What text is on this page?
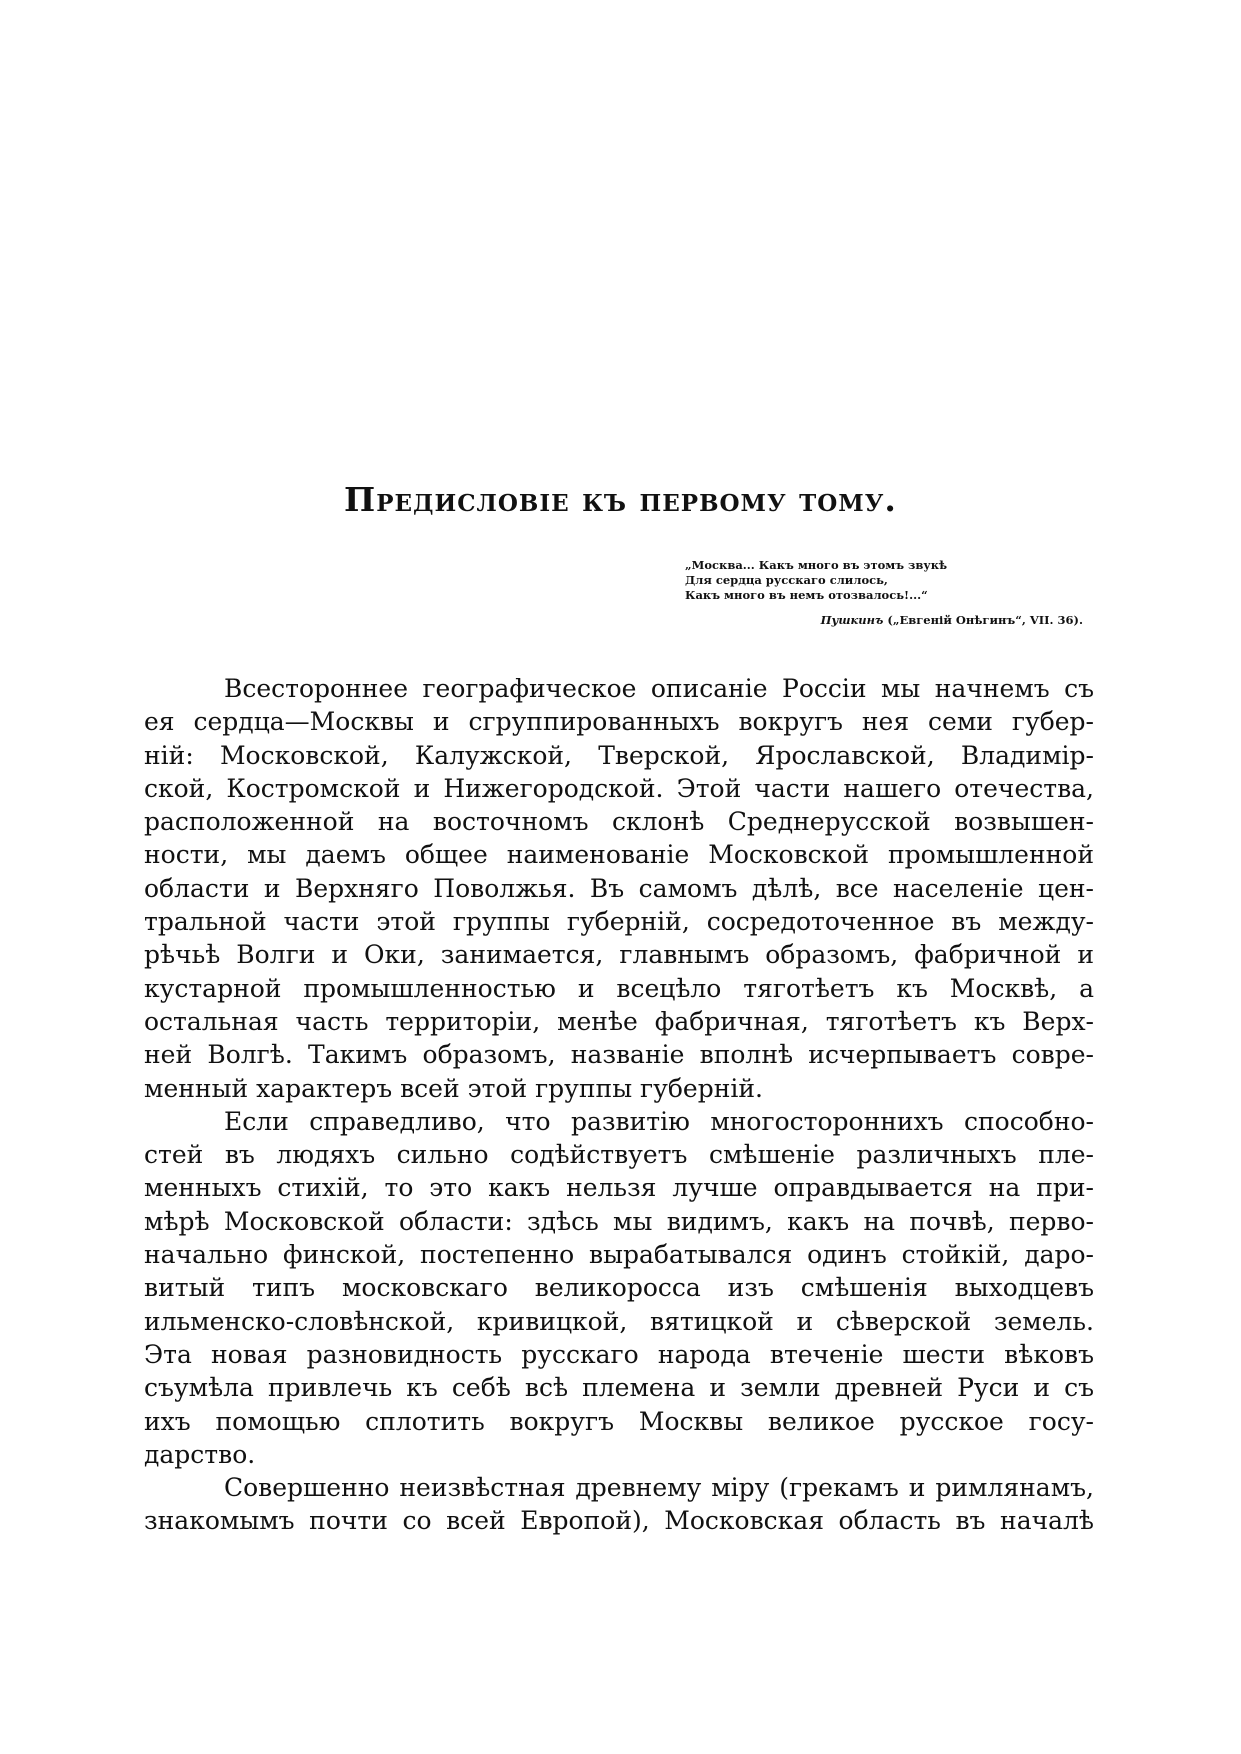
Предисловіе къ первому тому.
„Москва... Какъ много въ этомъ звукѣ
Для сердца русскаго слилось,
Какъ много въ немъ отозвалось!...“
Пушкинъ („Евгеній Онѣгинъ“, VII. 36).
Всестороннее географическое описаніе Россіи мы начнемъ съ
ея сердца—Москвы и сгруппированныхъ вокругъ нея семи губер-
ній: Московской, Калужской, Тверской, Ярославской, Владимір-
ской, Костромской и Нижегородской. Этой части нашего отечества,
расположенной на восточномъ склонѣ Среднерусской возвышен-
ности, мы даемъ общее наименованіе Московской промышленной
области и Верхняго Поволжья. Въ самомъ дѣлѣ, все населеніе цен-
тральной части этой группы губерній, сосредоточенное въ между-
рѣчьѣ Волги и Оки, занимается, главнымъ образомъ, фабричной и
кустарной промышленностью и всецѣло тяготѣетъ къ Москвѣ, а
остальная часть территоріи, менѣе фабричная, тяготѣетъ къ Верх-
ней Волгѣ. Такимъ образомъ, названіе вполнѣ исчерпываетъ совре-
менный характеръ всей этой группы губерній.
Если справедливо, что развитію многостороннихъ способно-
стей въ людяхъ сильно содѣйствуетъ смѣшеніе различныхъ пле-
менныхъ стихій, то это какъ нельзя лучше оправдывается на при-
мѣрѣ Московской области: здѣсь мы видимъ, какъ на почвѣ, перво-
начально финской, постепенно вырабатывался одинъ стойкій, даро-
витый типъ московскаго великоросса изъ смѣшенія выходцевъ
ильменско-словѣнской, кривицкой, вятицкой и сѣверской земель.
Эта новая разновидность русскаго народа втеченіе шести вѣковъ
съумѣла привлечь къ себѣ всѣ племена и земли древней Руси и съ
ихъ помощью сплотить вокругъ Москвы великое русское госу-
дарство.
Совершенно неизвѣстная древнему міру (грекамъ и римлянамъ,
знакомымъ почти со всей Европой), Московская область въ началѣ
